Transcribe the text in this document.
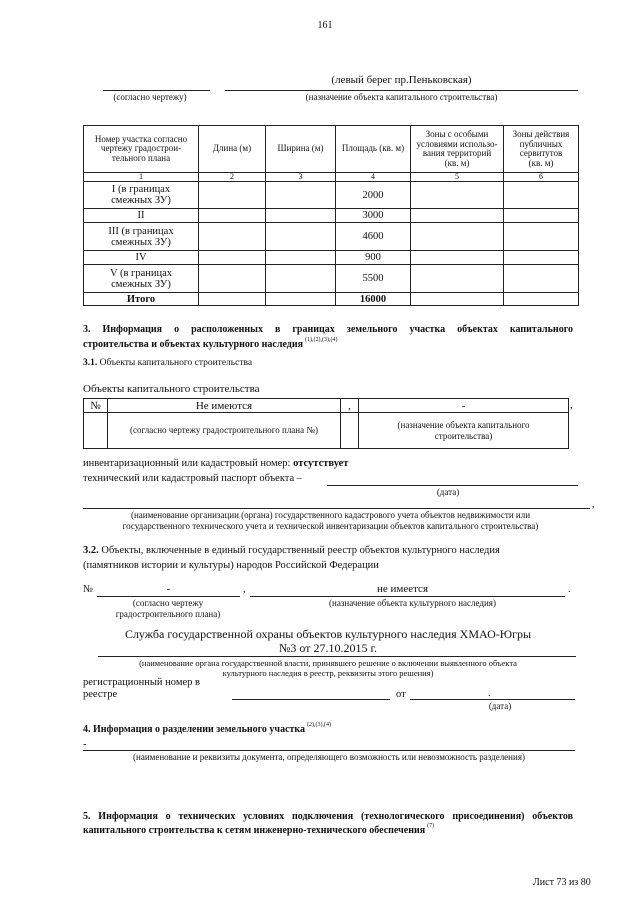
161
(согласно чертежу)
(левый берег пр.Пеньковская)
(назначение объекта капитального строительства)
Номер участка согласно
чертежу градострои-
тельного плана	Длина (м)	Ширина (м)	Площадь (кв. м)	Зоны с особыми
условиями использо-
вания территорий
(кв. м)	Зоны действия
публичных
сервитутов
(кв. м)
1	2	3	4	5	6
I (в границах
смежных ЗУ)			2000		
II			3000		
III (в границах
смежных ЗУ)			4600		
IV			900		
V (в границах
смежных ЗУ)			5500		
Итого			16000		
3. Информация о расположенных в границах земельного участка объектах капитального
строительства и объектах культурного наследия $^{(1),(2),(3),(4)}$
3.1. Объекты капитального строительства
Объекты капитального строительства
№	Не имеются	,	-
	(согласно чертежу градостроительного плана №)		(назначение объекта капитального
строительства)
,
инвентаризационный или кадастровый номер: отсутствует
технический или кадастровый паспорт объекта –
(дата)
,
(наименование организации (органа) государственного кадастрового учета объектов недвижимости или
государственного технического учета и технической инвентаризации объектов капитального строительства)
3.2. Объекты, включенные в единый государственный реестр объектов культурного наследия
(памятников истории и культуры) народов Российской Федерации
№	-	,	не имеется	.
(согласно чертежу
градостроительного плана)
(назначение объекта культурного наследия)
Служба государственной охраны объектов культурного наследия ХМАО-Югры
№3 от 27.10.2015 г.
(наименование органа государственной власти, принявшего решение о включении выявленного объекта
культурного наследия в реестр, реквизиты этого решения)
регистрационный номер в
реестре	от	.
(дата)
4. Информация о разделении земельного участка $^{(2),(3),(4)}$
-
(наименование и реквизиты документа, определяющего возможность или невозможность разделения)
5. Информация о технических условиях подключения (технологического присоединения) объектов
капитального строительства к сетям инженерно-технического обеспечения $^{(7)}$
Лист 73 из 80
